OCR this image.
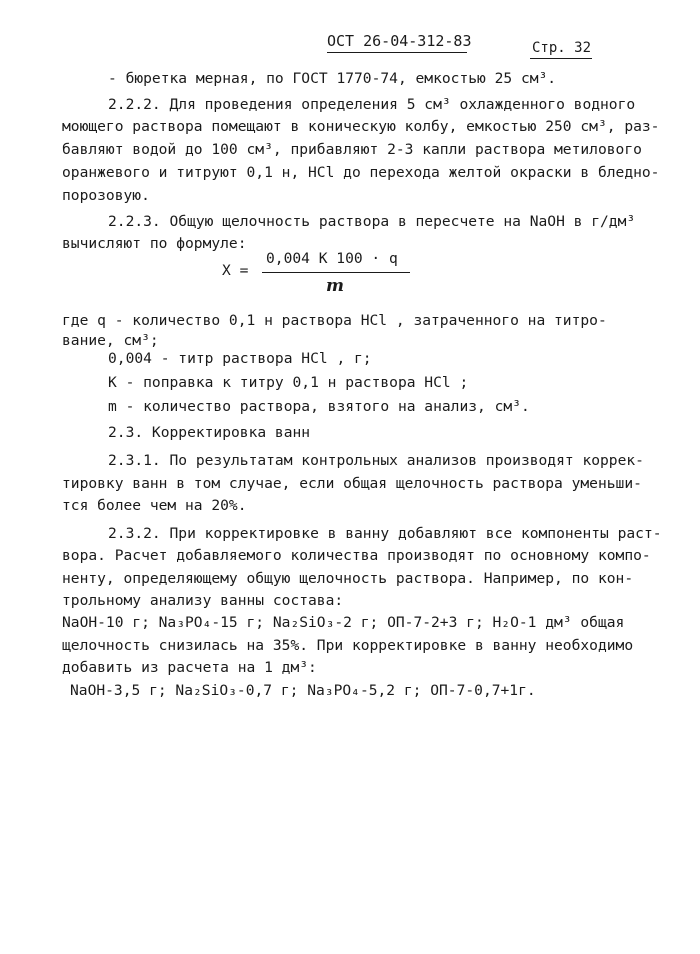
ОСТ 26-04-312-83	Стр. 32
- бюретка мерная, по ГОСТ 1770-74, емкостью 25 см³.
2.2.2. Для проведения определения 5 см³ охлажденного водного
моющего раствора помещают в коническую колбу, емкостью 250 см³, раз-
бавляют водой до 100 см³, прибавляют 2-3 капли раствора метилового
оранжевого и титруют 0,1 н, HCl до перехода желтой окраски в бледно-
порозовую.
2.2.3. Общую щелочность раствора в пересчете на NaOH в г/дм³
вычисляют по формуле:
X =
0,004 К 100 · q
m
где q - количество 0,1 н раствора HCl , затраченного на титро-
вание, см³;
0,004 - титр раствора HCl , г;
К - поправка к титру 0,1 н раствора HCl ;
m - количество раствора, взятого на анализ, см³.
2.3. Корректировка ванн
2.3.1. По результатам контрольных анализов производят коррек-
тировку ванн в том случае, если общая щелочность раствора уменьши-
тся более чем на 20%.
2.3.2. При корректировке в ванну добавляют все компоненты раст-
вора. Расчет добавляемого количества производят по основному компо-
ненту, определяющему общую щелочность раствора. Например, по кон-
трольному анализу ванны состава:
NaOH-10 г; Na₃PO₄-15 г; Na₂SiO₃-2 г; ОП-7-2+3 г; H₂O-1 дм³ общая
щелочность снизилась на 35%. При корректировке в ванну необходимо
добавить из расчета на 1 дм³:
NaOH-3,5 г; Na₂SiO₃-0,7 г; Na₃PO₄-5,2 г; ОП-7-0,7+1г.
